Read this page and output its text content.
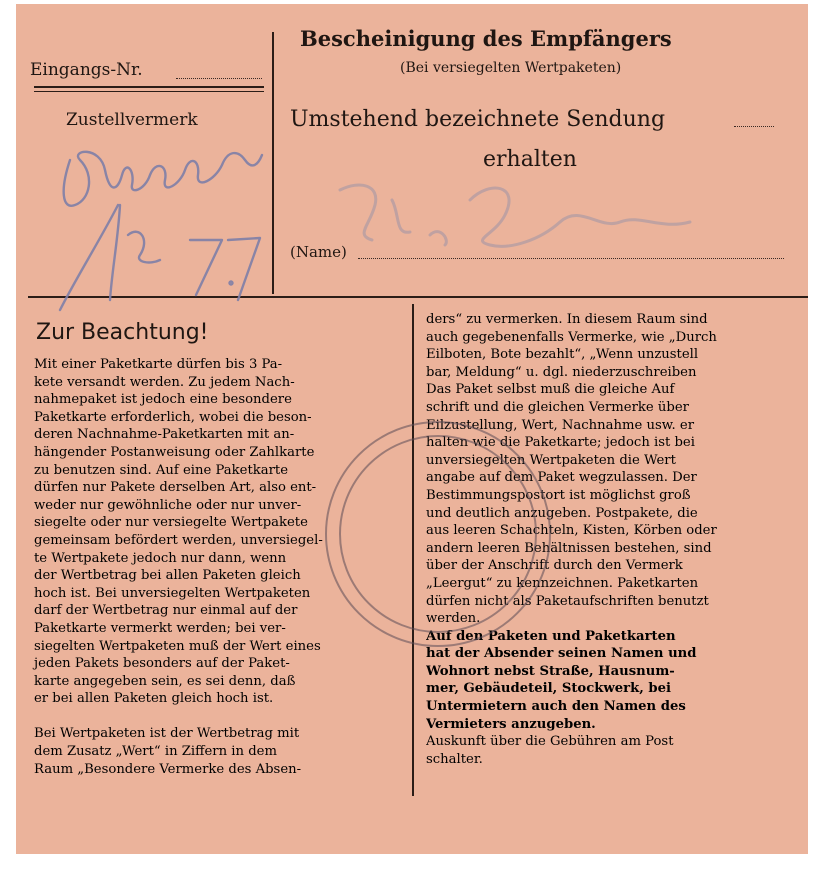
Eingangs-Nr.
Zustellvermerk
Bescheinigung des Empfängers
(Bei versiegelten Wertpaketen)
Umstehend bezeichnete Sendung
erhalten
(Name)
Zur Beachtung!
Mit einer Paketkarte dürfen bis 3 Pa-
kete versandt werden. Zu jedem Nach-
nahmepaket ist jedoch eine besondere
Paketkarte erforderlich, wobei die beson-
deren Nachnahme-Paketkarten mit an-
hängender Postanweisung oder Zahlkarte
zu benutzen sind. Auf eine Paketkarte
dürfen nur Pakete derselben Art, also ent-
weder nur gewöhnliche oder nur unver-
siegelte oder nur versiegelte Wertpakete
gemeinsam befördert werden, unversiegel-
te Wertpakete jedoch nur dann, wenn
der Wertbetrag bei allen Paketen gleich
hoch ist. Bei unversiegelten Wertpaketen
darf der Wertbetrag nur einmal auf der
Paketkarte vermerkt werden; bei ver-
siegelten Wertpaketen muß der Wert eines
jeden Pakets besonders auf der Paket-
karte angegeben sein, es sei denn, daß
er bei allen Paketen gleich hoch ist.
Bei Wertpaketen ist der Wertbetrag mit
dem Zusatz „Wert“ in Ziffern in dem
Raum „Besondere Vermerke des Absen-
ders“ zu vermerken. In diesem Raum sind
auch gegebenenfalls Vermerke, wie „Durch
Eilboten, Bote bezahlt“, „Wenn unzustell
bar, Meldung“ u. dgl. niederzuschreiben
Das Paket selbst muß die gleiche Auf
schrift und die gleichen Vermerke über
Eilzustellung, Wert, Nachnahme usw. er
halten wie die Paketkarte; jedoch ist bei
unversiegelten Wertpaketen die Wert
angabe auf dem Paket wegzulassen. Der
Bestimmungspostort ist möglichst groß
und deutlich anzugeben. Postpakete, die
aus leeren Schachteln, Kisten, Körben oder
andern leeren Behältnissen bestehen, sind
über der Anschrift durch den Vermerk
„Leergut“ zu kennzeichnen. Paketkarten
dürfen nicht als Paketaufschriften benutzt
werden.
Auf den Paketen und Paketkarten
hat der Absender seinen Namen und
Wohnort nebst Straße, Hausnum-
mer, Gebäudeteil, Stockwerk, bei
Untermietern auch den Namen des
Vermieters anzugeben.
Auskunft über die Gebühren am Post
schalter.
